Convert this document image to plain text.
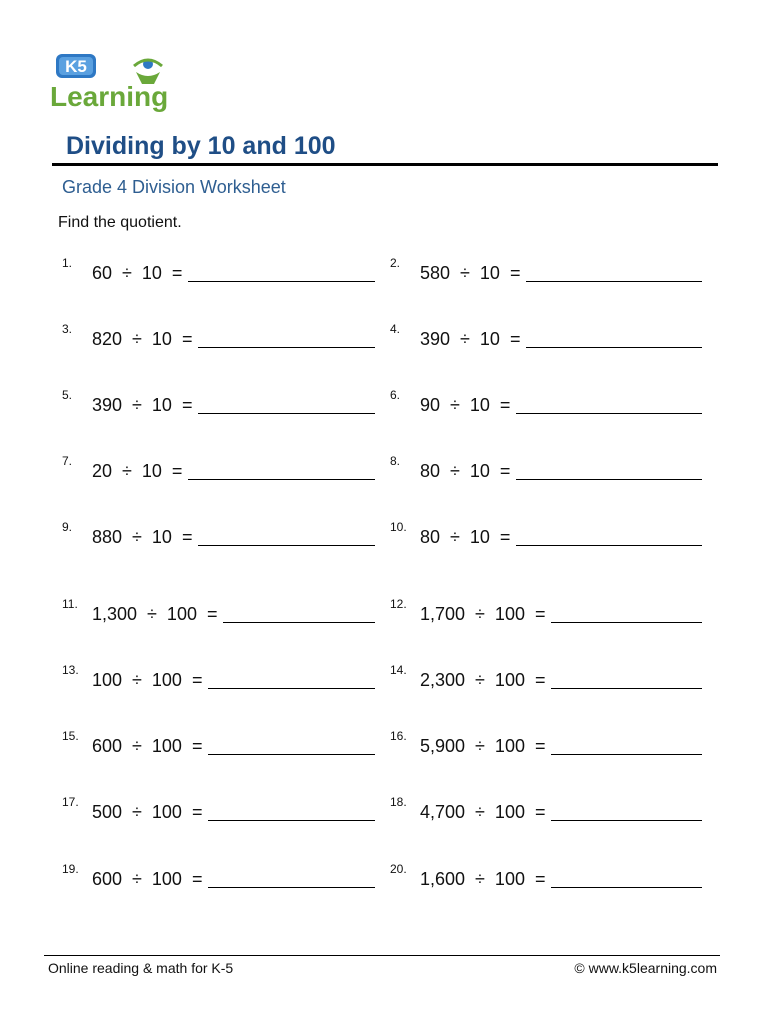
K5
Learning
Dividing by 10 and 100
Grade 4 Division Worksheet
Find the quotient.
1.	60  ÷  10  =	2.	580  ÷  10  =
3.	820  ÷  10  =	4.	390  ÷  10  =
5.	390  ÷  10  =	6.	90  ÷  10  =
7.	20  ÷  10  =	8.	80  ÷  10  =
9.	880  ÷  10  =	10. 80  ÷  10  =
11. 1,300  ÷  100  =	12. 1,700  ÷  100  =
13. 100  ÷  100  =	14. 2,300  ÷  100  =
15. 600  ÷  100  =	16. 5,900  ÷  100  =
17. 500  ÷  100  =	18. 4,700  ÷  100  =
19. 600  ÷  100  =	20. 1,600  ÷  100  =
Online reading & math for K-5	© www.k5learning.com
